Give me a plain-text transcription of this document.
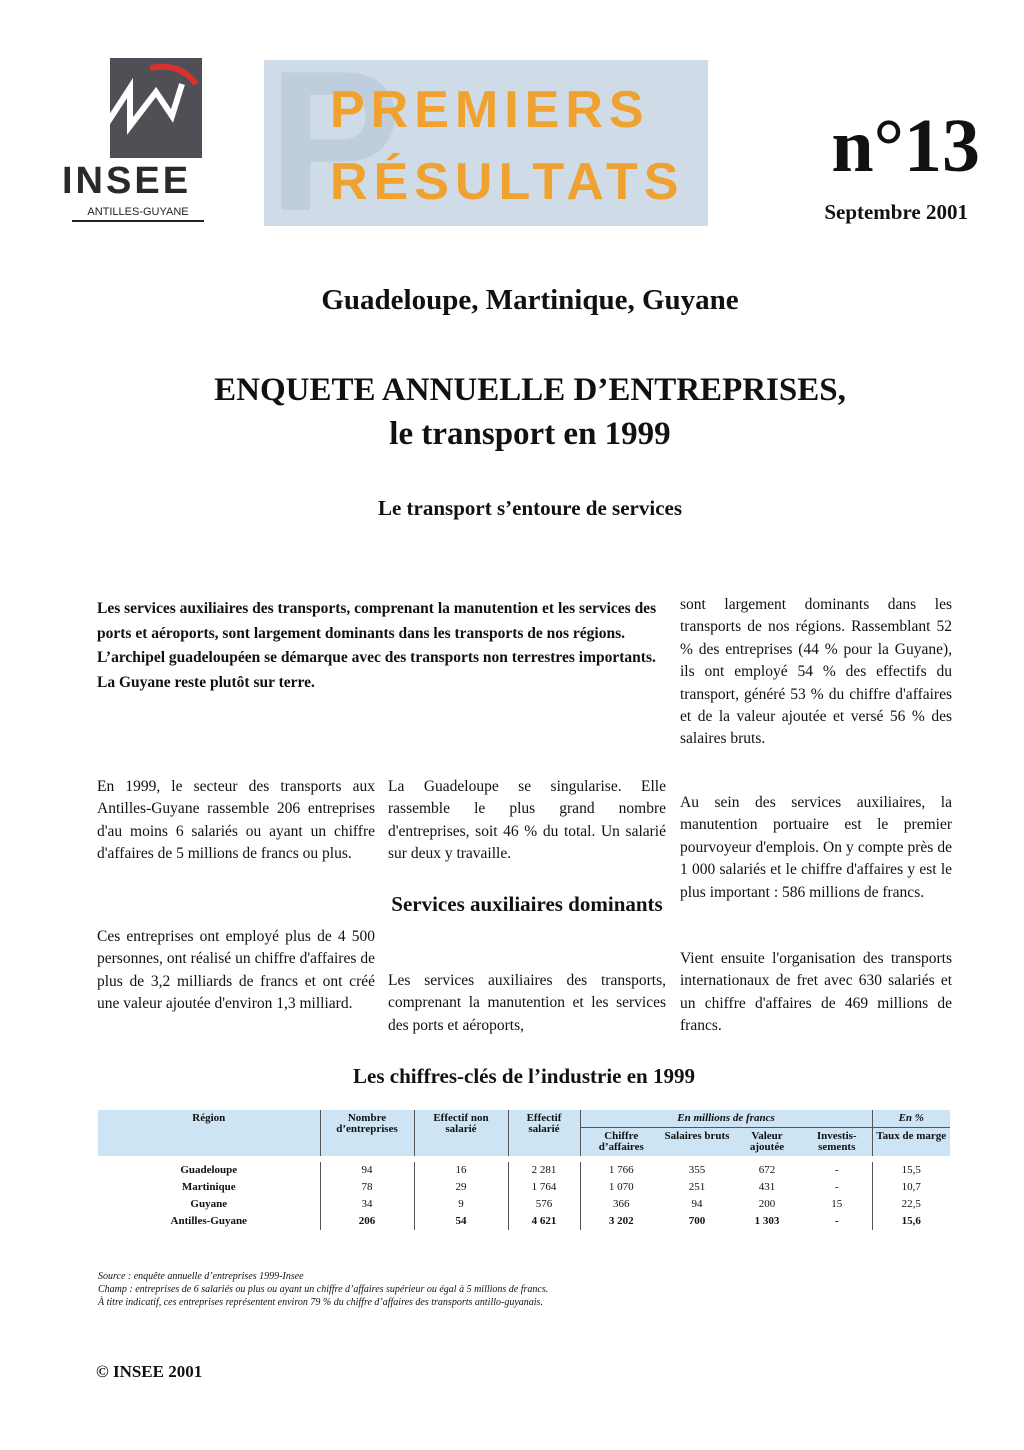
INSEE
ANTILLES-GUYANE P
PREMIERS
RÉSULTATS	n°13
Septembre 2001
Guadeloupe, Martinique, Guyane
ENQUETE ANNUELLE D’ENTREPRISES,
le transport en 1999
Le transport s’entoure de services
Les services auxiliaires des transports, comprenant la manutention et les services des ports et aéroports, sont largement dominants dans les transports de nos régions. L’archipel guadeloupéen se démarque avec des transports non terrestres importants. La Guyane reste plutôt sur terre.

sont largement dominants dans les transports de nos régions. Rassemblant 52 % des entreprises (44 % pour la Guyane), ils ont employé 54 % des effectifs du transport, généré 53 % du chiffre d'affaires et de la valeur ajoutée et versé 56 % des salaires bruts.

Au sein des services auxiliaires, la manutention portuaire est le premier pourvoyeur d'emplois. On y compte près de 1 000 salariés et le chiffre d'affaires y est le plus important : 586 millions de francs.

Vient ensuite l'organisation des transports internationaux de fret avec 630 salariés et un chiffre d'affaires de 469 millions de francs.

En 1999, le secteur des transports aux Antilles-Guyane rassemble 206 entreprises d'au moins 6 salariés ou ayant un chiffre d'affaires de 5 millions de francs ou plus.

Ces entreprises ont employé plus de 4 500 personnes, ont réalisé un chiffre d'affaires de plus de 3,2 milliards de francs et ont créé une valeur ajoutée d'environ 1,3 milliard.

La Guadeloupe se singularise. Elle rassemble le plus grand nombre d'entreprises, soit 46 % du total. Un salarié sur deux y travaille.

Services auxiliaires dominants

Les services auxiliaires des transports, comprenant la manutention et les services des ports et aéroports,

Les chiffres-clés de l’industrie en 1999
Région	Nombre d’entreprises	Effectif non salarié	Effectif salarié	En millions de francs				En %
				Chiffre d’affaires	Salaires bruts	Valeur ajoutée	Investis-sements	Taux de marge

Guadeloupe	94	16	2 281	1 766	355	672	-	15,5
Martinique	78	29	1 764	1 070	251	431	-	10,7
Guyane	34	9	576	366	94	200	15	22,5
Antilles-Guyane	206	54	4 621	3 202	700	1 303	-	15,6
Source : enquête annuelle d’entreprises 1999-Insee
Champ : entreprises de 6 salariés ou plus ou ayant un chiffre d’affaires supérieur ou égal à 5 millions de francs.
À titre indicatif, ces entreprises représentent environ 79 % du chiffre d’affaires des transports antillo-guyanais.
© INSEE 2001
